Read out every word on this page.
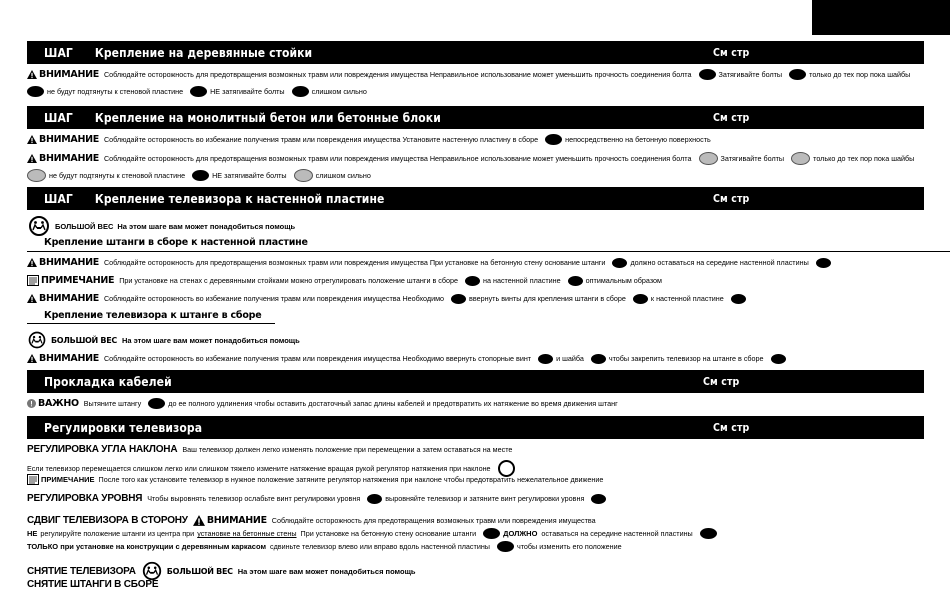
ШАГ Крепление на деревянные стойки	См стр
ВНИМАНИЕ Соблюдайте осторожность для предотвращения возможных травм или повреждения имущества Неправильное использование может уменьшить прочность соединения болта	Затягивайте болты	только до тех пор пока шайбы
не будут подтянуты к стеновой пластине	НЕ затягивайте болты	слишком сильно
ШАГ Крепление на монолитный бетон или бетонные блоки	См стр
ВНИМАНИЕ Соблюдайте осторожность во избежание получения травм или повреждения имущества Установите настенную пластину в сборе	непосредственно на бетонную поверхность
ВНИМАНИЕ Соблюдайте осторожность для предотвращения возможных травм или повреждения имущества Неправильное использование может уменьшить прочность соединения болта	Затягивайте болты	только до тех пор пока шайбы
не будут подтянуты к стеновой пластине	НЕ затягивайте болты	слишком сильно
ШАГ Крепление телевизора к настенной пластине	См стр
БОЛЬШОЙ ВЕС На этом шаге вам может понадобиться помощь
Крепление штанги в сборе к настенной пластине
ВНИМАНИЕ Соблюдайте осторожность для предотвращения возможных травм или повреждения имущества При установке на бетонную стену основание штанги	должно оставаться на середине настенной пластины
ПРИМЕЧАНИЕ При установке на стенах с деревянными стойками можно отрегулировать положение штанги в сборе	на настенной пластине	оптимальным образом
ВНИМАНИЕ Соблюдайте осторожность во избежание получения травм или повреждения имущества Необходимо	ввернуть винты для крепления штанги в сборе	к настенной пластине
Крепление телевизора к штанге в сборе
БОЛЬШОЙ ВЕС На этом шаге вам может понадобиться помощь
ВНИМАНИЕ Соблюдайте осторожность во избежание получения травм или повреждения имущества Необходимо ввернуть стопорные винт	и шайба	чтобы закрепить телевизор на штанге в сборе
Прокладка кабелей	См стр
ВАЖНО Вытяните штангу	до ее полного удлинения чтобы оставить достаточный запас длины кабелей и предотвратить их натяжение во время движения штанг
Регулировки телевизора	См стр
РЕГУЛИРОВКА УГЛА НАКЛОНА Ваш телевизор должен легко изменять положение при перемещении а затем оставаться на месте
Если телевизор перемещается слишком легко или слишком тяжело измените натяжение вращая рукой регулятор натяжения при наклоне
ПРИМЕЧАНИЕ После того как установите телевизор в нужное положение затяните регулятор натяжения при наклоне чтобы предотвратить нежелательное движение
РЕГУЛИРОВКА УРОВНЯ Чтобы выровнять телевизор ослабьте винт регулировки уровня	выровняйте телевизор и затяните винт регулировки уровня
СДВИГ ТЕЛЕВИЗОРА В СТОРОНУ ВНИМАНИЕ Соблюдайте осторожность для предотвращения возможных травм или повреждения имущества
НЕ регулируйте положение штанги из центра при установке на бетонные стены При установке на бетонную стену основание штанги	ДОЛЖНО оставаться на середине настенной пластины
ТОЛЬКО при установке на конструкции с деревянным каркасом сдвиньте телевизор влево или вправо вдоль настенной пластины	чтобы изменить его положение
СНЯТИЕ ТЕЛЕВИЗОРА	БОЛЬШОЙ ВЕС На этом шаге вам может понадобиться помощь
СНЯТИЕ ШТАНГИ В СБОРЕ
